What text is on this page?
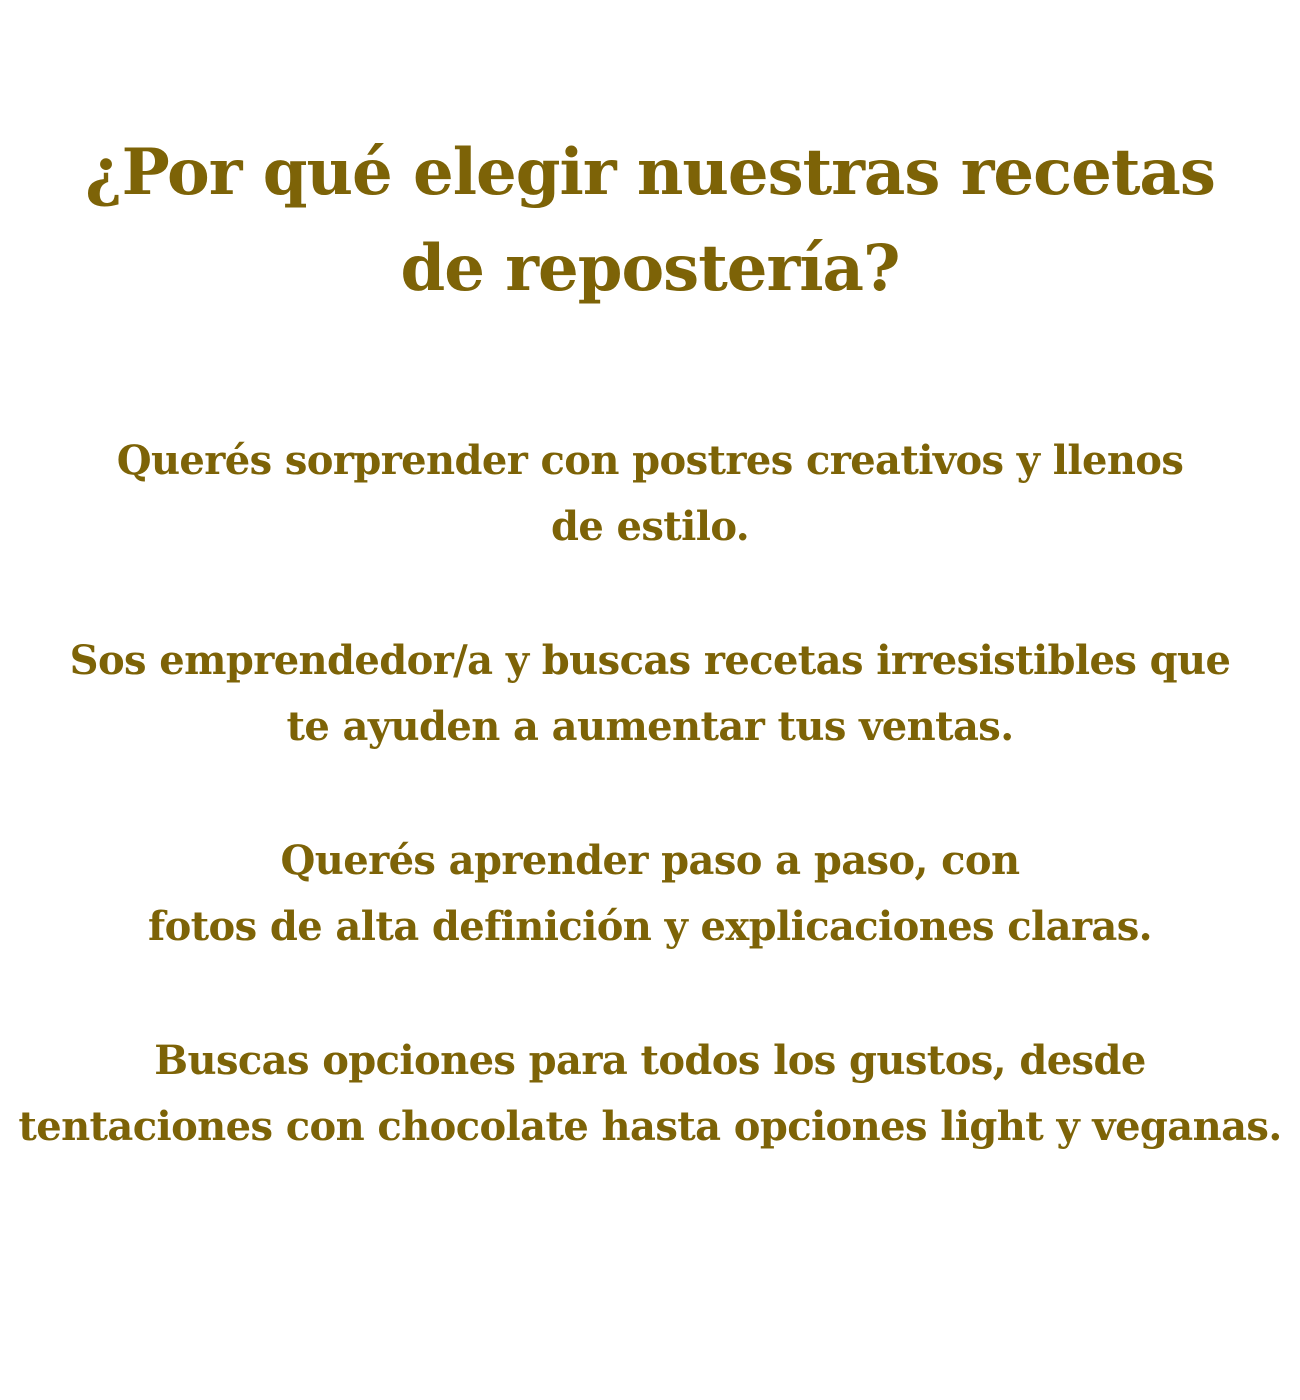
¿Por qué elegir nuestras recetas
de repostería?

Querés sorprender con postres creativos y llenos
de estilo.

Sos emprendedor/a y buscas recetas irresistibles que
te ayuden a aumentar tus ventas.

Querés aprender paso a paso, con
fotos de alta definición y explicaciones claras.

Buscas opciones para todos los gustos, desde
tentaciones con chocolate hasta opciones light y veganas.
